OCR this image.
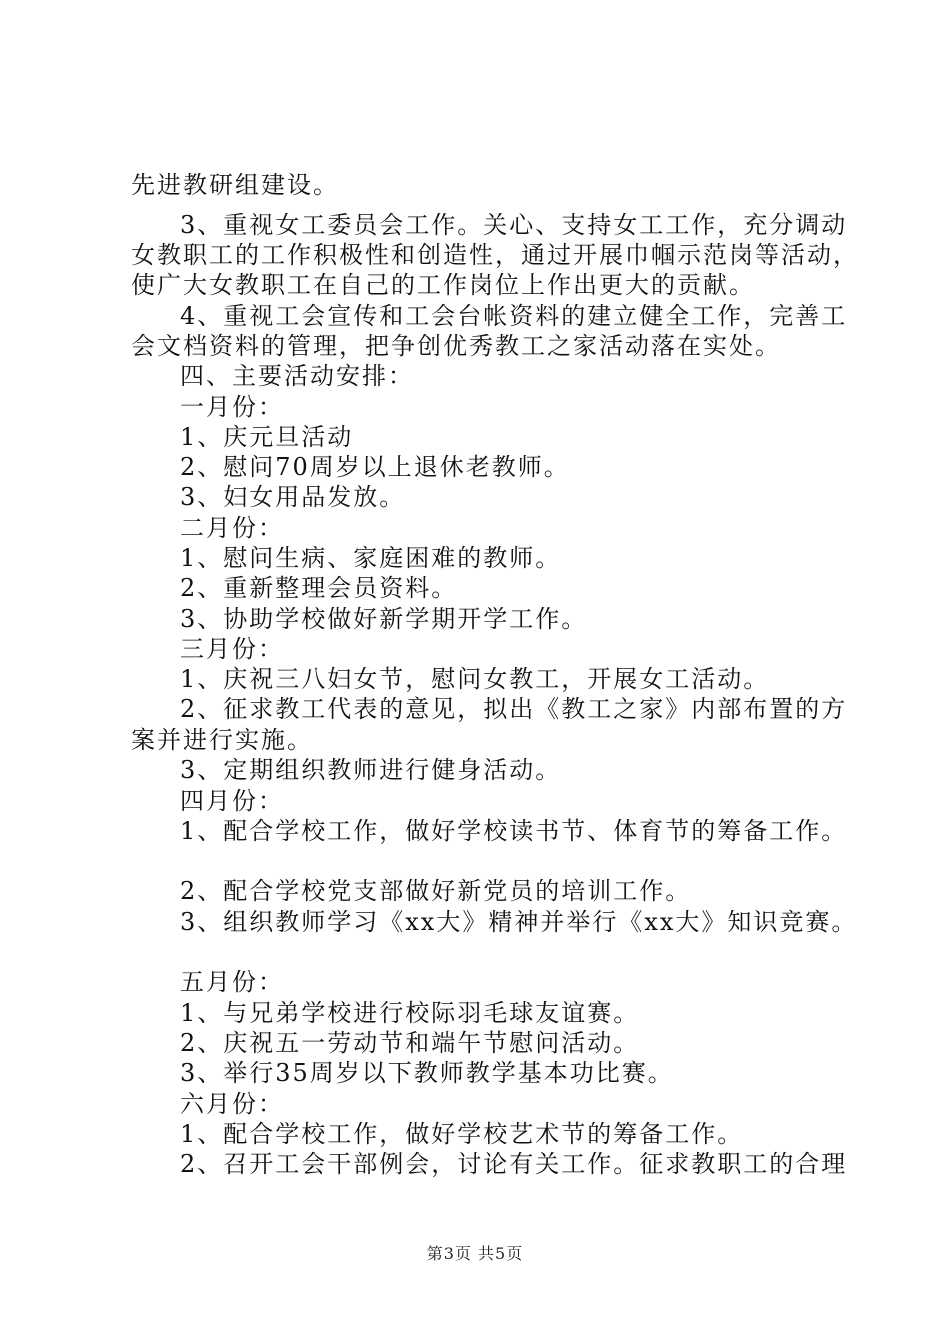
先进教研组建设。
3、重视女工委员会工作。关心、支持女工工作，充分调动
女教职工的工作积极性和创造性，通过开展巾帼示范岗等活动，
使广大女教职工在自己的工作岗位上作出更大的贡献。
4、重视工会宣传和工会台帐资料的建立健全工作，完善工
会文档资料的管理，把争创优秀教工之家活动落在实处。
四、主要活动安排：
一月份：
1、庆元旦活动
2、慰问70周岁以上退休老教师。
3、妇女用品发放。
二月份：
1、慰问生病、家庭困难的教师。
2、重新整理会员资料。
3、协助学校做好新学期开学工作。
三月份：
1、庆祝三八妇女节，慰问女教工，开展女工活动。
2、征求教工代表的意见，拟出《教工之家》内部布置的方
案并进行实施。
3、定期组织教师进行健身活动。
四月份：
1、配合学校工作，做好学校读书节、体育节的筹备工作。
2、配合学校党支部做好新党员的培训工作。
3、组织教师学习《xx大》精神并举行《xx大》知识竞赛。
五月份：
1、与兄弟学校进行校际羽毛球友谊赛。
2、庆祝五一劳动节和端午节慰问活动。
3、举行35周岁以下教师教学基本功比赛。
六月份：
1、配合学校工作，做好学校艺术节的筹备工作。
2、召开工会干部例会，讨论有关工作。征求教职工的合理
第3页 共5页
